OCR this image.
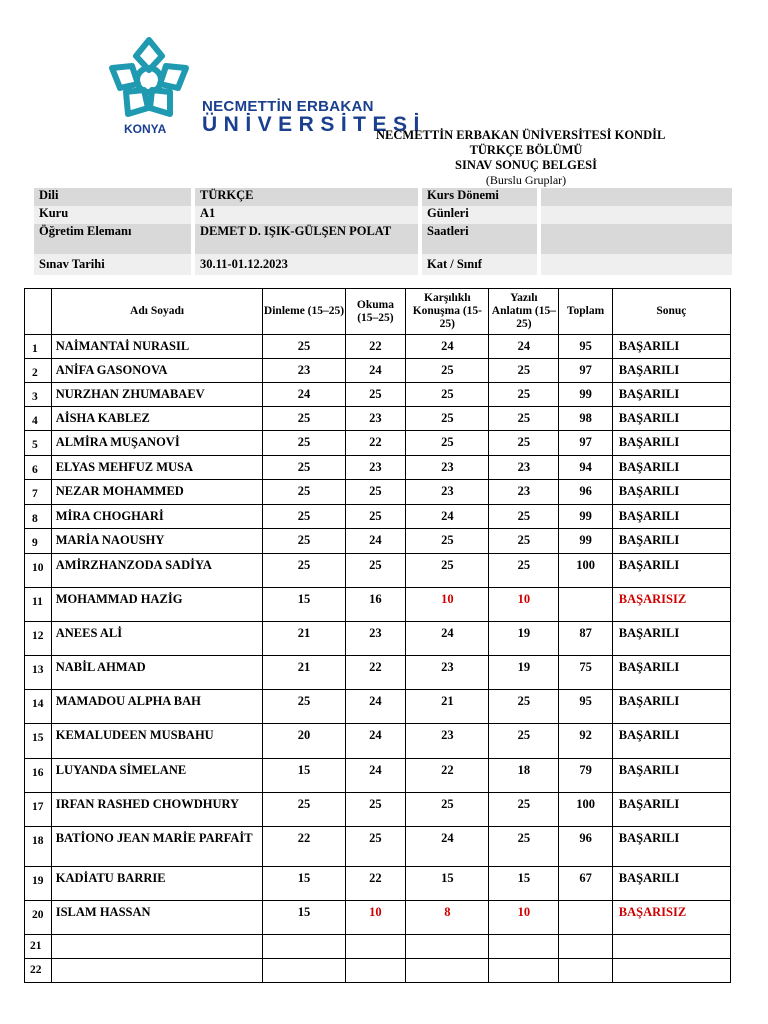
KONYA
NECMETTİN ERBAKAN
ÜNİVERSİTESİ
NECMETTİN ERBAKAN ÜNİVERSİTESİ KONDİL
TÜRKÇE BÖLÜMÜ
SINAV SONUÇ BELGESİ
(Burslu Gruplar)
Dili	TÜRKÇE	Kurs Dönemi	
Kuru	A1	Günleri	
Öğretim Elemanı	DEMET D. IŞIK-GÜLŞEN POLAT	Saatleri	
Sınav Tarihi	30.11-01.12.2023	Kat / Sınıf	
	Adı Soyadı	Dinleme (15–25)	Okuma (15–25)	Karşılıklı Konuşma (15-25)	Yazılı Anlatım (15–25)	Toplam	Sonuç
1	NAİMANTAİ NURASIL	25	22	24	24	95	BAŞARILI
2	ANİFA GASONOVA	23	24	25	25	97	BAŞARILI
3	NURZHAN ZHUMABAEV	24	25	25	25	99	BAŞARILI
4	AİSHA KABLEZ	25	23	25	25	98	BAŞARILI
5	ALMİRA MUŞANOVİ	25	22	25	25	97	BAŞARILI
6	ELYAS MEHFUZ MUSA	25	23	23	23	94	BAŞARILI
7	NEZAR MOHAMMED	25	25	23	23	96	BAŞARILI
8	MİRA CHOGHARİ	25	25	24	25	99	BAŞARILI
9	MARİA NAOUSHY	25	24	25	25	99	BAŞARILI
10	AMİRZHANZODA SADİYA	25	25	25	25	100	BAŞARILI
11	MOHAMMAD HAZİG	15	16	10	10		BAŞARISIZ
12	ANEES ALİ	21	23	24	19	87	BAŞARILI
13	NABİL AHMAD	21	22	23	19	75	BAŞARILI
14	MAMADOU ALPHA BAH	25	24	21	25	95	BAŞARILI
15	KEMALUDEEN MUSBAHU	20	24	23	25	92	BAŞARILI
16	LUYANDA SİMELANE	15	24	22	18	79	BAŞARILI
17	IRFAN RASHED CHOWDHURY	25	25	25	25	100	BAŞARILI
18	BATİONO JEAN MARİE PARFAİT	22	25	24	25	96	BAŞARILI
19	KADİATU BARRIE	15	22	15	15	67	BAŞARILI
20	ISLAM HASSAN	15	10	8	10		BAŞARISIZ
21							
22							
